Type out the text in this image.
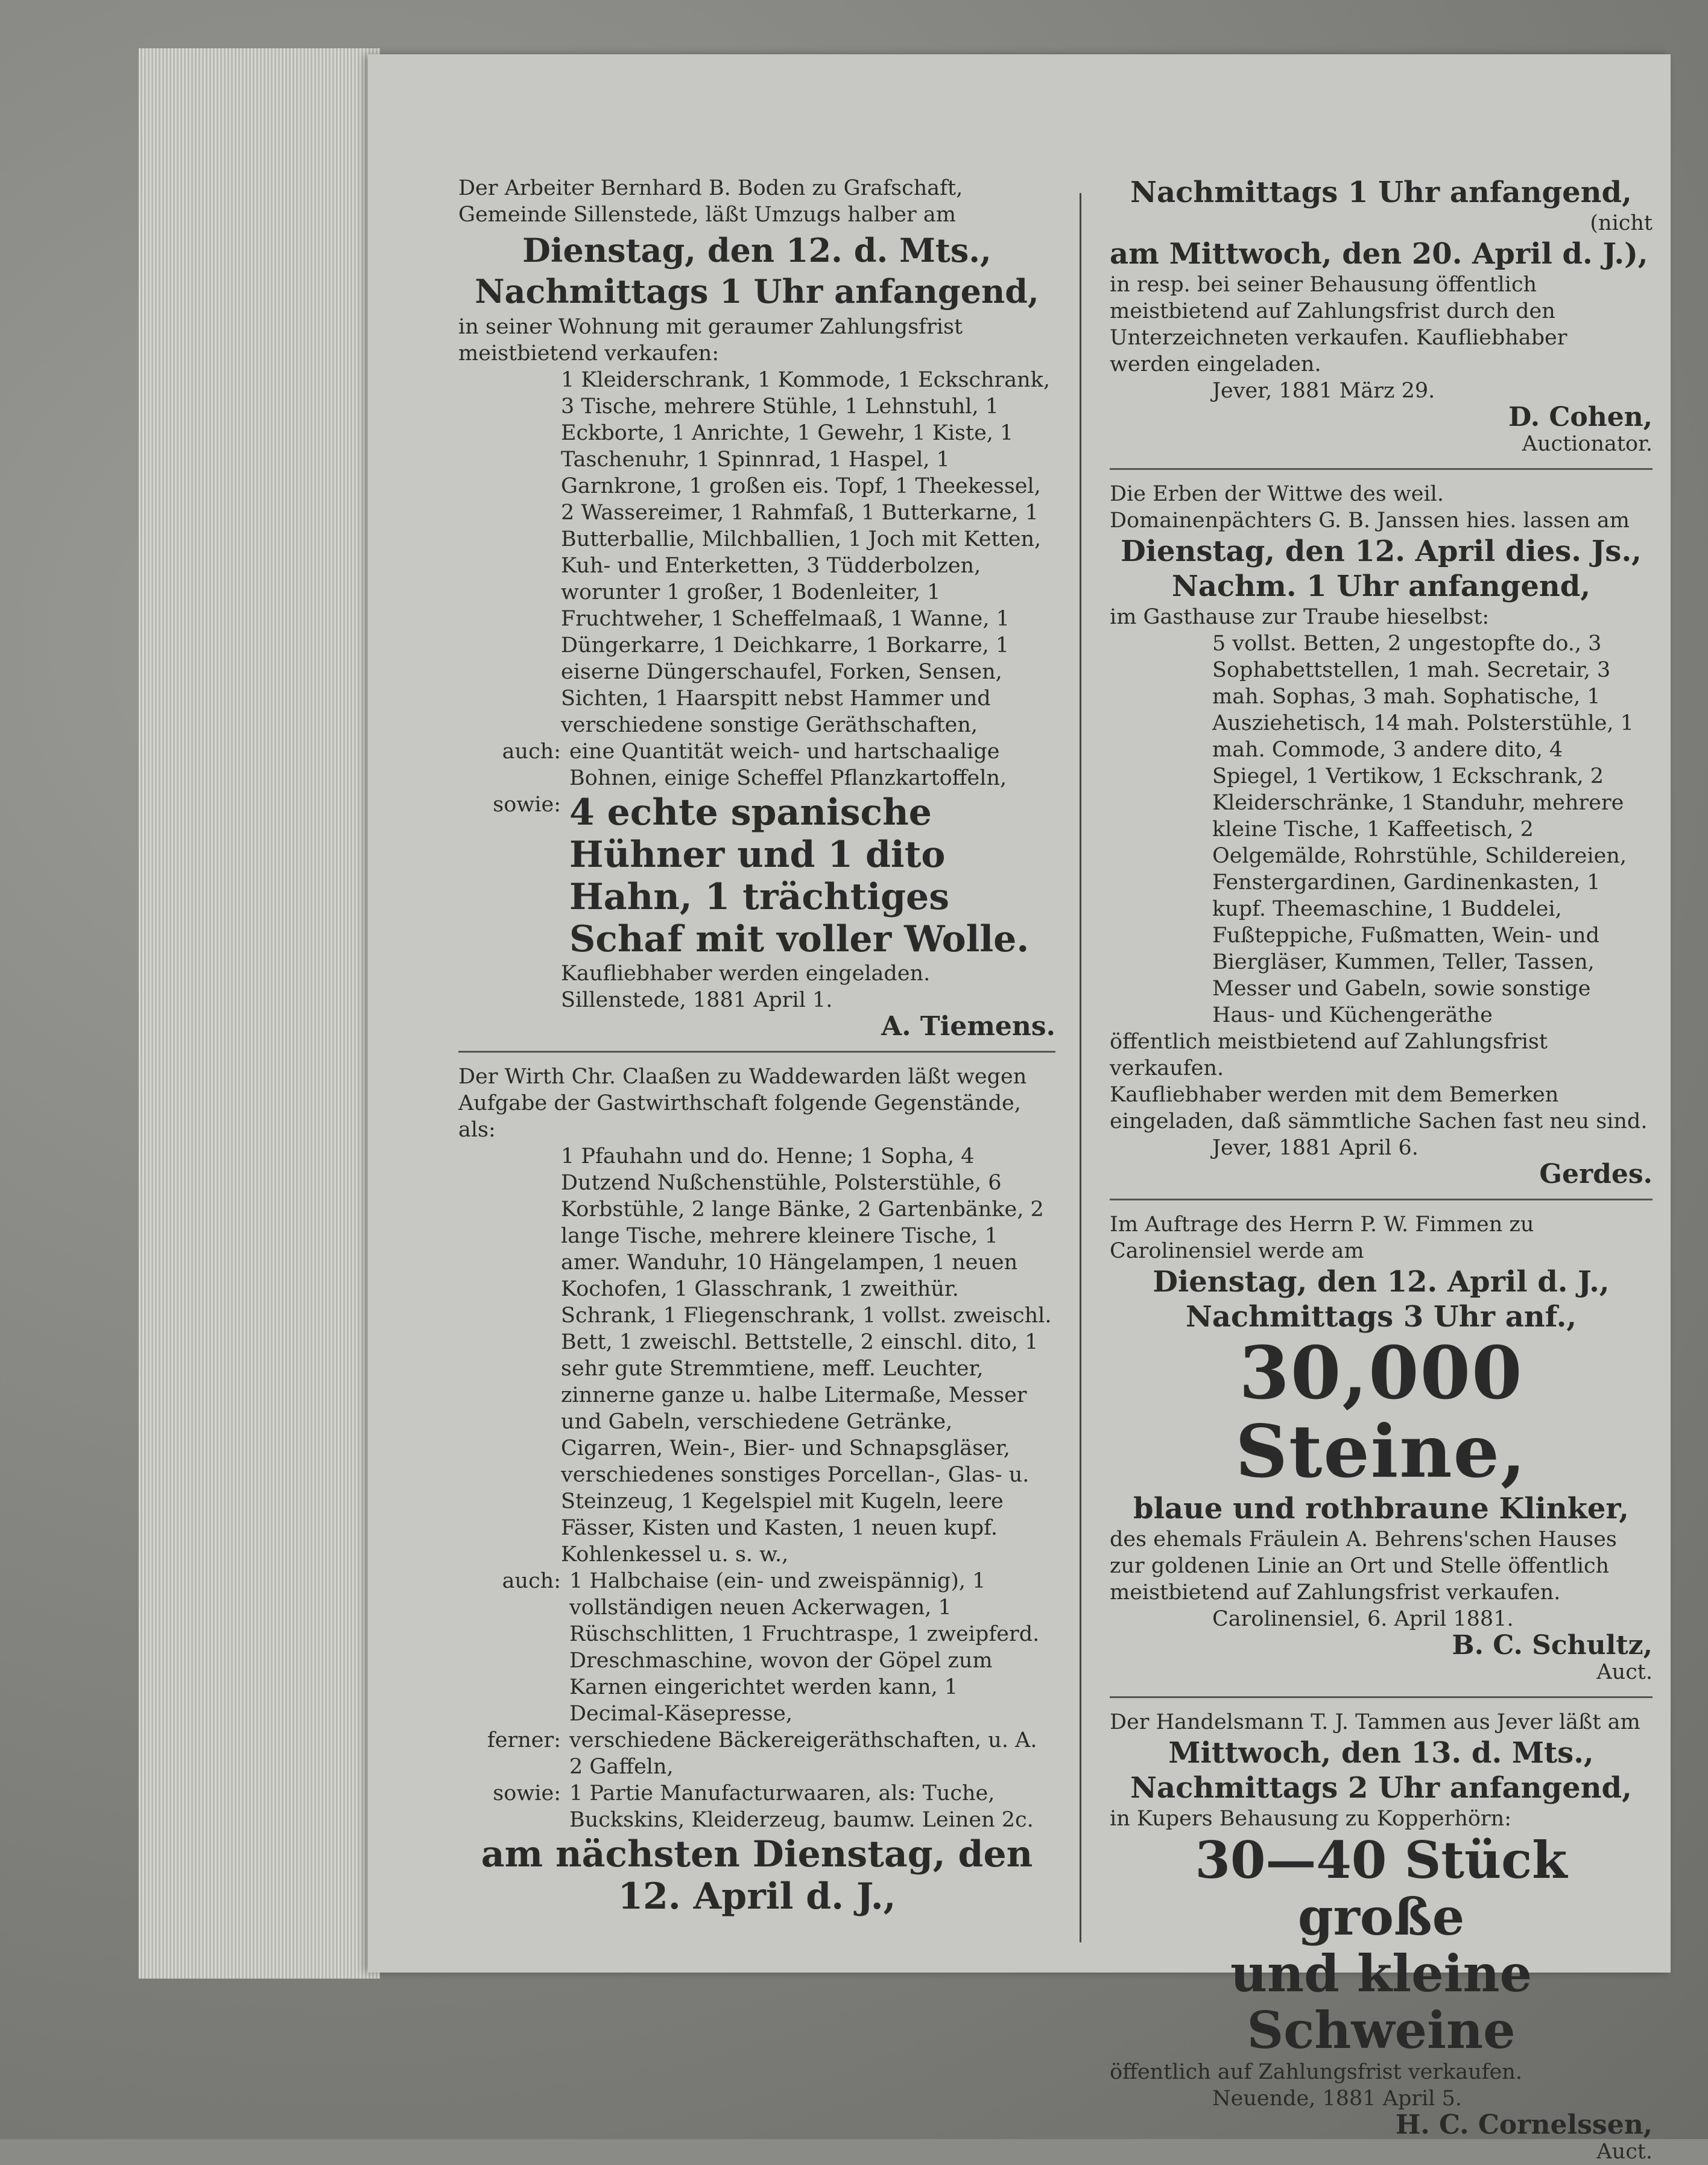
Der Arbeiter Bernhard B. Boden zu Grafschaft, Gemeinde Sillenstede, läßt Umzugs halber am

Dienstag, den 12. d. Mts.,

Nachmittags 1 Uhr anfangend,

in seiner Wohnung mit geraumer Zahlungsfrist meistbietend verkaufen:

1 Kleiderschrank, 1 Kommode, 1 Eckschrank, 3 Tische, mehrere Stühle, 1 Lehnstuhl, 1 Eckborte, 1 Anrichte, 1 Gewehr, 1 Kiste, 1 Taschenuhr, 1 Spinnrad, 1 Haspel, 1 Garnkrone, 1 großen eis. Topf, 1 Theekessel, 2 Wassereimer, 1 Rahmfaß, 1 Butterkarne, 1 Butterballie, Milchballien, 1 Joch mit Ketten, Kuh- und Enterketten, 3 Tüdderbolzen, worunter 1 großer, 1 Bodenleiter, 1 Fruchtweher, 1 Scheffelmaaß, 1 Wanne, 1 Düngerkarre, 1 Deichkarre, 1 Borkarre, 1 eiserne Düngerschaufel, Forken, Sensen, Sichten, 1 Haarspitt nebst Hammer und verschiedene sonstige Geräthschaften,

auch: eine Quantität weich- und hartschaalige Bohnen, einige Scheffel Pflanzkartoffeln,
sowie: 4 echte spanische Hühner und 1 dito Hahn, 1 trächtiges Schaf mit voller Wolle.

Kaufliebhaber werden eingeladen.

Sillenstede, 1881 April 1.

A. Tiemens.

Der Wirth Chr. Claaßen zu Waddewarden läßt wegen Aufgabe der Gastwirthschaft folgende Gegenstände, als:

1 Pfauhahn und do. Henne; 1 Sopha, 4 Dutzend Nußchenstühle, Polsterstühle, 6 Korbstühle, 2 lange Bänke, 2 Gartenbänke, 2 lange Tische, mehrere kleinere Tische, 1 amer. Wanduhr, 10 Hängelampen, 1 neuen Kochofen, 1 Glasschrank, 1 zweithür. Schrank, 1 Fliegenschrank, 1 vollst. zweischl. Bett, 1 zweischl. Bettstelle, 2 einschl. dito, 1 sehr gute Stremmtiene, meff. Leuchter, zinnerne ganze u. halbe Litermaße, Messer und Gabeln, verschiedene Getränke, Cigarren, Wein-, Bier- und Schnapsgläser, verschiedenes sonstiges Porcellan-, Glas- u. Steinzeug, 1 Kegelspiel mit Kugeln, leere Fässer, Kisten und Kasten, 1 neuen kupf. Kohlenkessel u. s. w.,

auch: 1 Halbchaise (ein- und zweispännig), 1 vollständigen neuen Ackerwagen, 1 Rüschschlitten, 1 Fruchtraspe, 1 zweipferd. Dreschmaschine, wovon der Göpel zum Karnen eingerichtet werden kann, 1 Decimal-Käsepresse,
ferner: verschiedene Bäckereigeräthschaften, u. A. 2 Gaffeln,
sowie: 1 Partie Manufacturwaaren, als: Tuche, Buckskins, Kleiderzeug, baumw. Leinen 2c.

am nächsten Dienstag, den 12. April d. J.,

Nachmittags 1 Uhr anfangend,

(nicht

am Mittwoch, den 20. April d. J.),

in resp. bei seiner Behausung öffentlich meistbietend auf Zahlungsfrist durch den Unterzeichneten verkaufen. Kaufliebhaber werden eingeladen.

Jever, 1881 März 29.

D. Cohen,

Auctionator.

Die Erben der Wittwe des weil. Domainenpächters G. B. Janssen hies. lassen am

Dienstag, den 12. April dies. Js.,

Nachm. 1 Uhr anfangend,

im Gasthause zur Traube hieselbst:

5 vollst. Betten, 2 ungestopfte do., 3 Sophabettstellen, 1 mah. Secretair, 3 mah. Sophas, 3 mah. Sophatische, 1 Ausziehetisch, 14 mah. Polsterstühle, 1 mah. Commode, 3 andere dito, 4 Spiegel, 1 Vertikow, 1 Eckschrank, 2 Kleiderschränke, 1 Standuhr, mehrere kleine Tische, 1 Kaffeetisch, 2 Oelgemälde, Rohrstühle, Schildereien, Fenstergardinen, Gardinenkasten, 1 kupf. Theemaschine, 1 Buddelei, Fußteppiche, Fußmatten, Wein- und Biergläser, Kummen, Teller, Tassen, Messer und Gabeln, sowie sonstige Haus- und Küchengeräthe

öffentlich meistbietend auf Zahlungsfrist verkaufen.

Kaufliebhaber werden mit dem Bemerken eingeladen, daß sämmtliche Sachen fast neu sind.

Jever, 1881 April 6.

Gerdes.

Im Auftrage des Herrn P. W. Fimmen zu Carolinensiel werde am

Dienstag, den 12. April d. J.,

Nachmittags 3 Uhr anf.,

30,000 Steine,

blaue und rothbraune Klinker,

des ehemals Fräulein A. Behrens'schen Hauses zur goldenen Linie an Ort und Stelle öffentlich meistbietend auf Zahlungsfrist verkaufen.

Carolinensiel, 6. April 1881.

B. C. Schultz,

Auct.

Der Handelsmann T. J. Tammen aus Jever läßt am

Mittwoch, den 13. d. Mts.,

Nachmittags 2 Uhr anfangend,

in Kupers Behausung zu Kopperhörn:

30—40 Stück große

und kleine Schweine

öffentlich auf Zahlungsfrist verkaufen.

Neuende, 1881 April 5.

H. C. Cornelssen,

Auct.
